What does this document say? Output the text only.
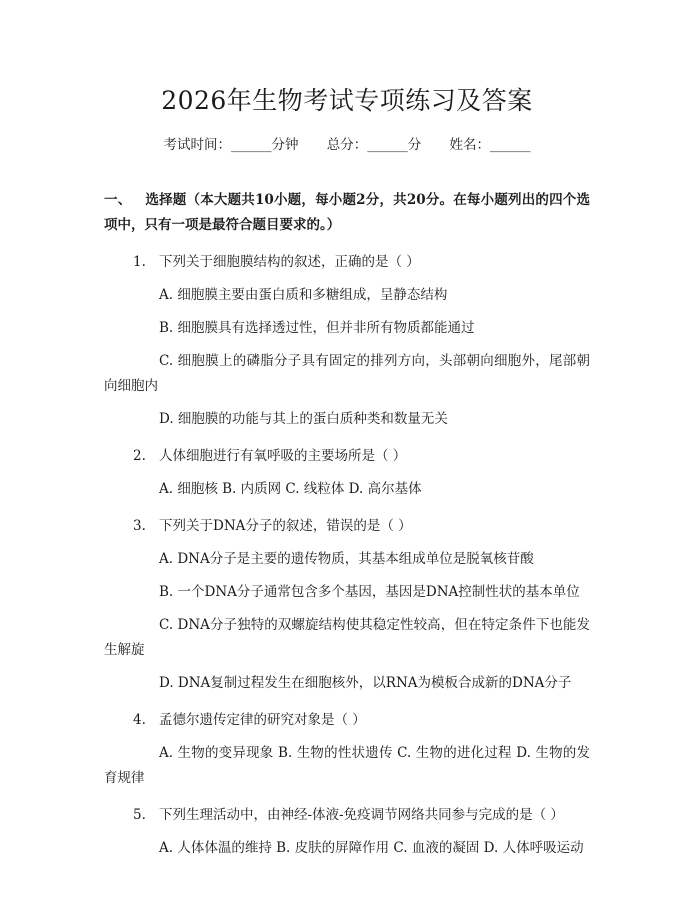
2026年生物考试专项练习及答案
考试时间：______分钟 总分：______分 姓名：______
一、 选择题（本大题共10小题，每小题2分，共20分。在每小题列出的四个选项中，只有一项是最符合题目要求的。）
1. 下列关于细胞膜结构的叙述，正确的是（ ）
A. 细胞膜主要由蛋白质和多糖组成，呈静态结构
B. 细胞膜具有选择透过性，但并非所有物质都能通过
C. 细胞膜上的磷脂分子具有固定的排列方向，头部朝向细胞外，尾部朝向细胞内
D. 细胞膜的功能与其上的蛋白质种类和数量无关
2. 人体细胞进行有氧呼吸的主要场所是（ ）
A. 细胞核 B. 内质网 C. 线粒体 D. 高尔基体
3. 下列关于DNA分子的叙述，错误的是（ ）
A. DNA分子是主要的遗传物质，其基本组成单位是脱氧核苷酸
B. 一个DNA分子通常包含多个基因，基因是DNA控制性状的基本单位
C. DNA分子独特的双螺旋结构使其稳定性较高，但在特定条件下也能发生解旋
D. DNA复制过程发生在细胞核外，以RNA为模板合成新的DNA分子
4. 孟德尔遗传定律的研究对象是（ ）
A. 生物的变异现象 B. 生物的性状遗传 C. 生物的进化过程 D. 生物的发育规律
5. 下列生理活动中，由神经-体液-免疫调节网络共同参与完成的是（ ）
A. 人体体温的维持 B. 皮肤的屏障作用 C. 血液的凝固 D. 人体呼吸运动
